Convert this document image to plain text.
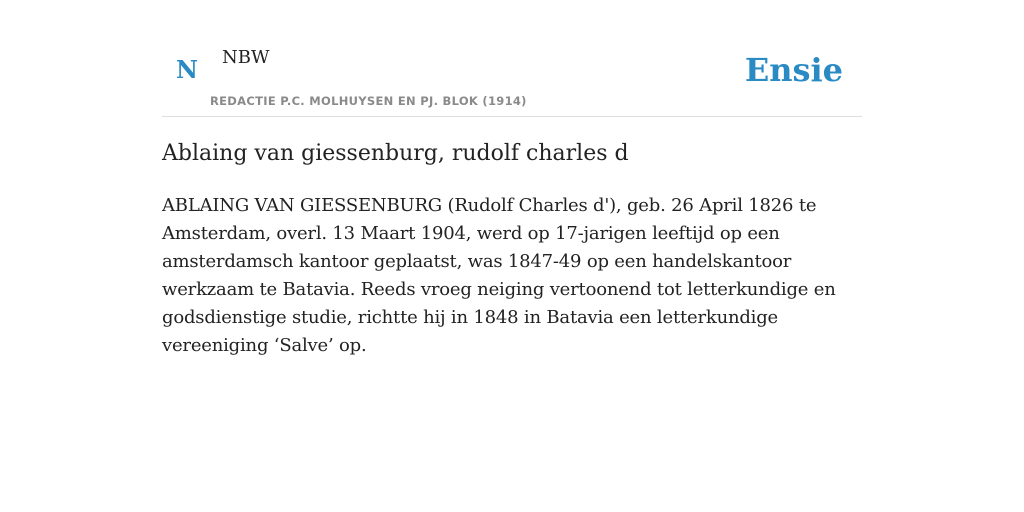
N NBW
REDACTIE P.C. MOLHUYSEN EN PJ. BLOK (1914)
Ensie
Ablaing van giessenburg, rudolf charles d

ABLAING VAN GIESSENBURG (Rudolf Charles d'), geb. 26 April 1826 te Amsterdam, overl. 13 Maart 1904, werd op 17-jarigen leeftijd op een amsterdamsch kantoor geplaatst, was 1847-49 op een handelskantoor werkzaam te Batavia. Reeds vroeg neiging vertoonend tot letterkundige en godsdienstige studie, richtte hij in 1848 in Batavia een letterkundige vereeniging ‘Salve’ op.
